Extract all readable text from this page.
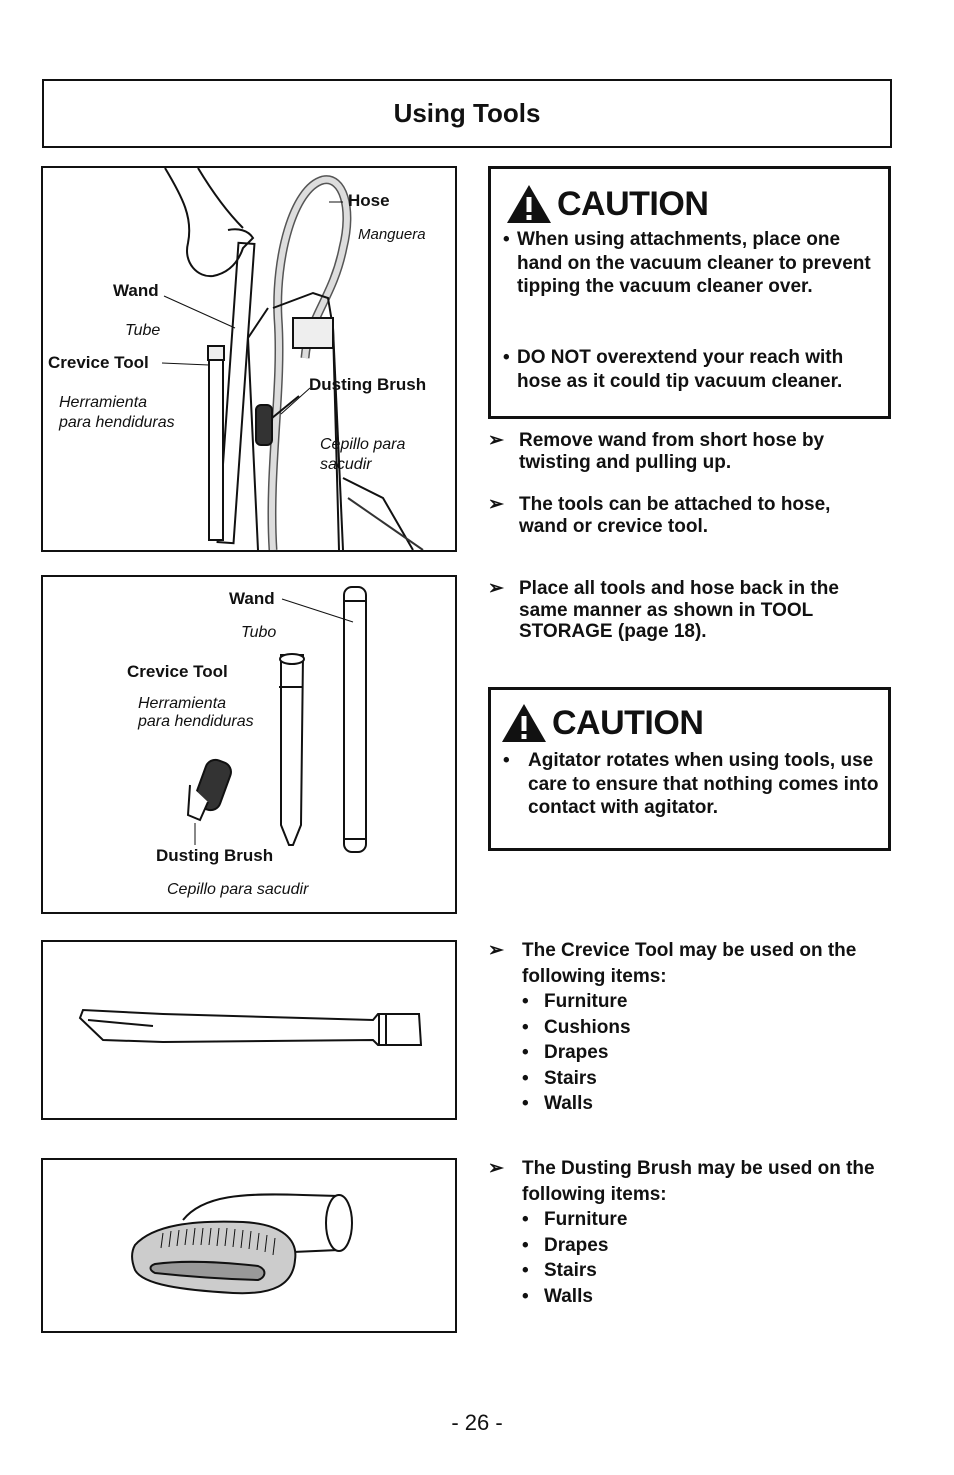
Using Tools
Hose
Manguera
Wand
Tube
Crevice Tool
Herramienta
para hendiduras
Dusting Brush
Cepillo para
sacudir
Wand
Tubo
Crevice Tool
Herramienta
para hendiduras
Dusting Brush
Cepillo para sacudir
CAUTION
• When using attachments, place one hand on the vacuum cleaner to prevent tipping the vacuum cleaner over.
• DO NOT overextend your reach with hose as it could tip vacuum cleaner.
➢ Remove wand from short hose by twisting and pulling up.
➢ The tools can be attached to hose, wand or crevice tool.
➢ Place all tools and hose back in the same manner as shown in TOOL STORAGE (page 18).
CAUTION
• Agitator rotates when using tools, use care to ensure that nothing comes into contact with agitator.
➢ The Crevice Tool may be used on the following items:
• Furniture
• Cushions
• Drapes
• Stairs
• Walls
➢ The Dusting Brush may be used on the following items:
• Furniture
• Drapes
• Stairs
• Walls
- 26 -
